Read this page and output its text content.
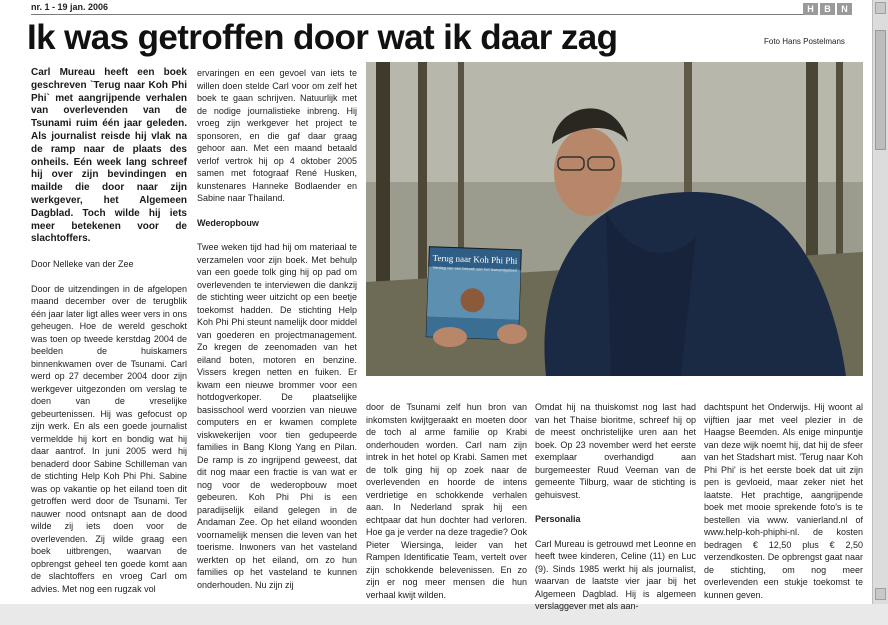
nr. 1 - 19 jan. 2006	H	B	N
Ik was getroffen door wat ik daar zag	Foto Hans Postelmans

Carl Mureau heeft een boek geschreven `Terug naar Koh Phi Phi` met aangrijpende verhalen van overlevenden van de Tsunami ruim één jaar geleden. Als journalist reisde hij vlak na de ramp naar de plaats des onheils. Eén week lang schreef hij over zijn bevindingen en mailde die door naar zijn werkgever, het Algemeen Dagblad. Toch wilde hij iets meer betekenen voor de slachtoffers.

Door Nelleke van der Zee

Door de uitzendingen in de afgelopen maand december over de terugblik één jaar later ligt alles weer vers in ons geheugen. Hoe de wereld geschokt was toen op tweede kerstdag 2004 de beelden de huiskamers binnenkwamen over de Tsunami. Carl werd op 27 december 2004 door zijn werkgever uitgezonden om verslag te doen van de vreselijke gebeurtenissen. Hij was gefocust op zijn werk. En als een goede journalist vermeldde hij kort en bondig wat hij daar aantrof. In juni 2005 werd hij benaderd door Sabine Schilleman van de stichting Help Koh Phi Phi. Sabine was op vakantie op het eiland toen dit getroffen werd door de Tsunami. Ter nauwer nood ontsnapt aan de dood wilde zij iets doen voor de overlevenden. Zij wilde graag een boek uitbrengen, waarvan de opbrengst geheel ten goede komt aan de slachtoffers en vroeg Carl om advies. Met nog een rugzak vol

ervaringen en een gevoel van iets te willen doen stelde Carl voor om zelf het boek te gaan schrijven. Natuurlijk met de nodige journalistieke inbreng. Hij vroeg zijn werkgever het project te sponsoren, en die gaf daar graag gehoor aan. Met een maand betaald verlof vertrok hij op 4 oktober 2005 samen met fotograaf René Husken, kunstenares Hanneke Bodlaender en Sabine naar Thailand.

Wederopbouw

Twee weken tijd had hij om materiaal te verzamelen voor zijn boek. Met behulp van een goede tolk ging hij op pad om overlevenden te interviewen die dankzij de stichting weer uitzicht op een beetje toekomst hadden. De stichting Help Koh Phi Phi steunt namelijk door middel van goederen en projectmanagement. Zo kregen de zeenomaden van het eiland boten, motoren en benzine. Vissers kregen netten en fuiken. Er kwam een nieuwe brommer voor een hotdogverkoper. De plaatselijke basisschool werd voorzien van nieuwe computers en er kwamen complete viskwekerijen voor tien gedupeerde families in Bang Klong Yang en Pilan. De ramp is zo ingrijpend geweest, dat dit nog maar een fractie is van wat er nog voor de wederopbouw moet gebeuren. Koh Phi Phi is een paradijselijk eiland gelegen in de Andaman Zee. Op het eiland woonden voornamelijk mensen die leven van het toerisme. Inwoners van het vasteland werkten op het eiland, om zo hun families op het vasteland te kunnen onderhouden. Nu zijn zij

Terug naar Koh Phi Phi
Verslag van een bezoek aan het tsunamigebied

door de Tsunami zelf hun bron van inkomsten kwijtgeraakt en moeten door de toch al arme familie op Krabi onderhouden worden. Carl nam zijn intrek in het hotel op Krabi. Samen met de tolk ging hij op zoek naar de overlevenden en hoorde de intens verdrietige en schokkende verhalen aan. In Nederland sprak hij een echtpaar dat hun dochter had verloren. Hoe ga je verder na deze tragedie? Ook Pieter Wiersinga, leider van het Rampen Identificatie Team, vertelt over zijn schokkende belevenissen. En zo zijn er nog meer mensen die hun verhaal kwijt wilden.

Omdat hij na thuiskomst nog last had van het Thaise bioritme, schreef hij op de meest onchristelijke uren aan het boek. Op 23 november werd het eerste exemplaar overhandigd aan burgemeester Ruud Veeman van de gemeente Tilburg, waar de stichting is gehuisvest.

Personalia

Carl Mureau is getrouwd met Leonne en heeft twee kinderen, Celine (11) en Luc (9). Sinds 1985 werkt hij als journalist, waarvan de laatste vier jaar bij het Algemeen Dagblad. Hij is algemeen verslaggever met als aan-

dachtspunt het Onderwijs. Hij woont al vijftien jaar met veel plezier in de Haagse Beemden. Als enige minpuntje van deze wijk noemt hij, dat hij de sfeer van het Stadshart mist. 'Terug naar Koh Phi Phi' is het eerste boek dat uit zijn pen is gevloeid, maar zeker niet het laatste. Het prachtige, aangrijpende boek met mooie sprekende foto's is te bestellen via www. vanierland.nl of www.help-koh-phiphi-nl. de kosten bedragen € 12,50 plus € 2,50 verzendkosten. De opbrengst gaat naar de stichting, om nog meer overlevenden een stukje toekomst te kunnen geven.
